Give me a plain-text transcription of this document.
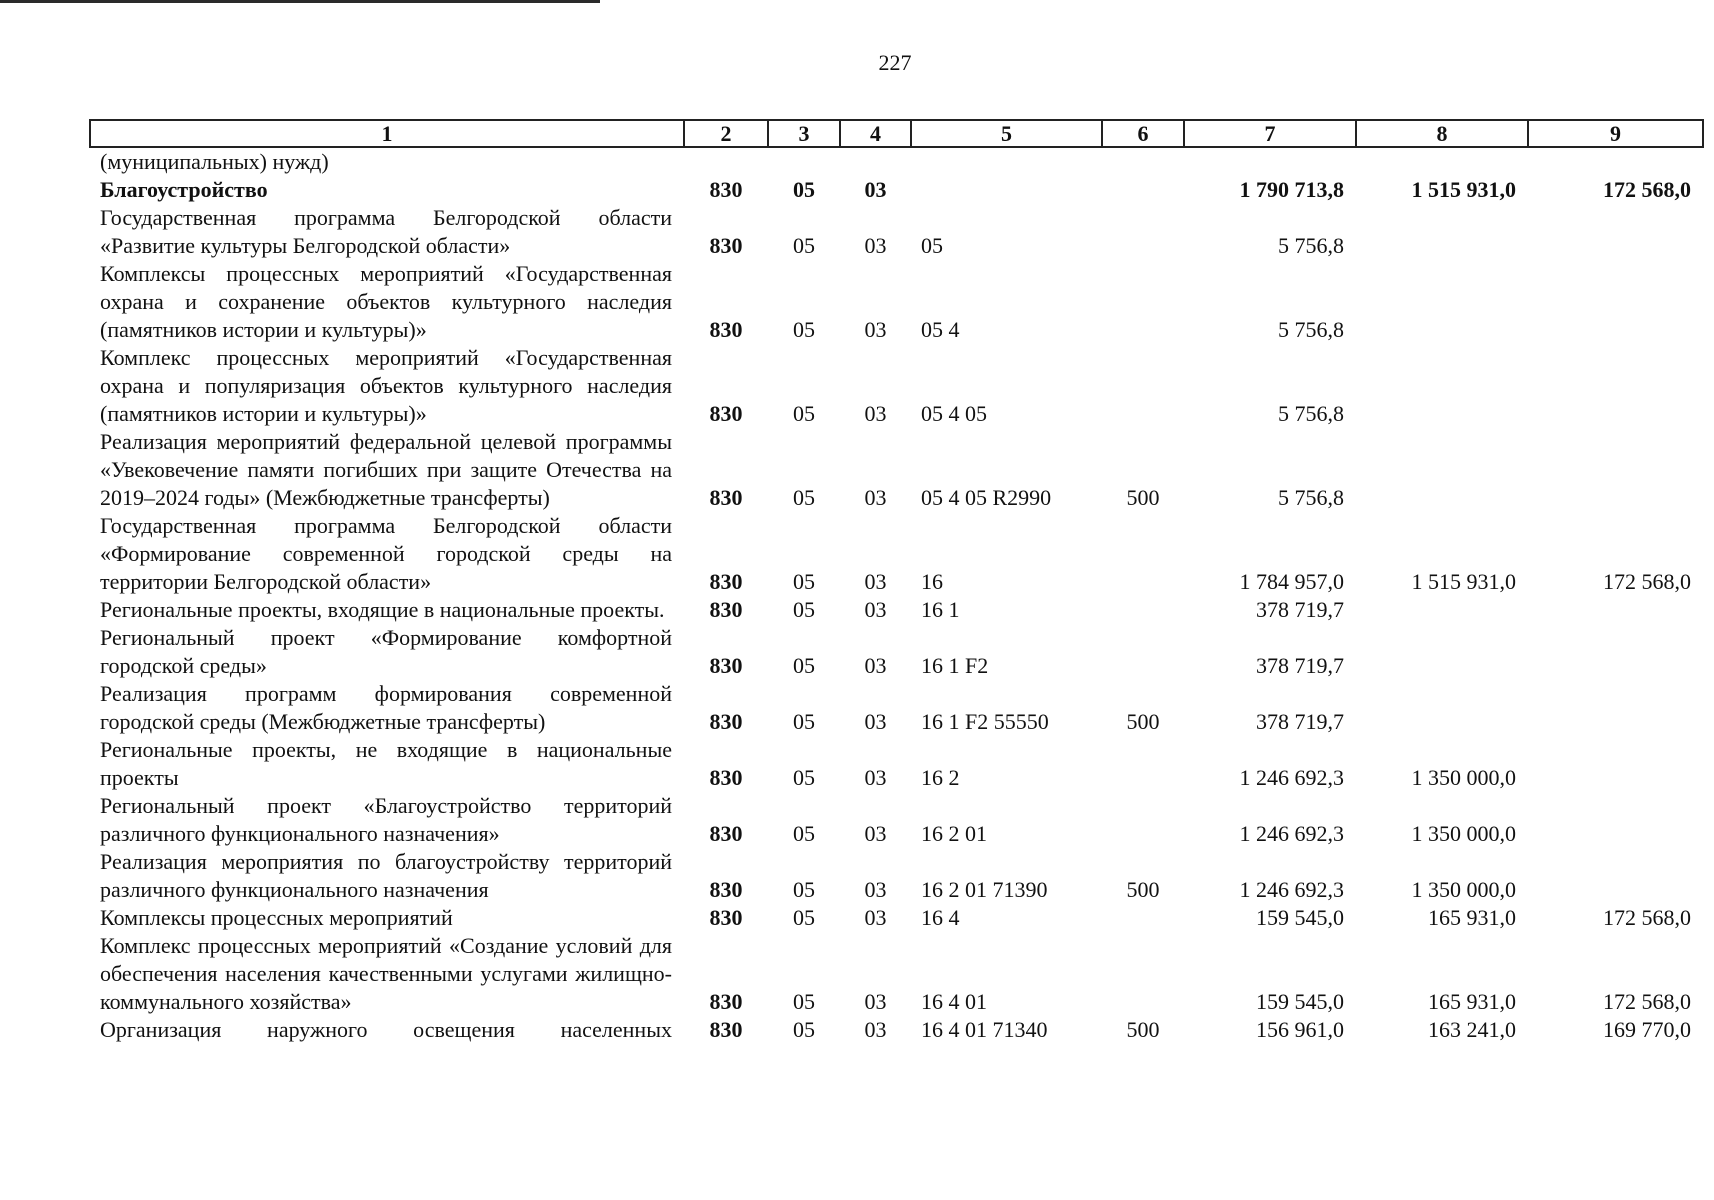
227
1	2	3	4	5	6	7	8	9
(муниципальных) нужд)								
Благоустройство	830	05	03			1 790 713,8	1 515 931,0	172 568,0
Государственная программа Белгородской области «Развитие культуры Белгородской области»	830	05	03	05		5 756,8		
Комплексы процессных мероприятий «Государственная охрана и сохранение объектов культурного наследия (памятников истории и культуры)»	830	05	03	05 4		5 756,8		
Комплекс процессных мероприятий «Государственная охрана и популяризация объектов культурного наследия (памятников истории и культуры)»	830	05	03	05 4 05		5 756,8		
Реализация мероприятий федеральной целевой программы «Увековечение памяти погибших при защите Отечества на 2019–2024 годы» (Межбюджетные трансферты)	830	05	03	05 4 05 R2990	500	5 756,8		
Государственная программа Белгородской области «Формирование современной городской среды на территории Белгородской области»	830	05	03	16		1 784 957,0	1 515 931,0	172 568,0
Региональные проекты, входящие в национальные проекты.	830	05	03	16 1		378 719,7		
Региональный проект «Формирование комфортной городской среды»	830	05	03	16 1 F2		378 719,7		
Реализация программ формирования современной городской среды (Межбюджетные трансферты)	830	05	03	16 1 F2 55550	500	378 719,7		
Региональные проекты, не входящие в национальные проекты	830	05	03	16 2		1 246 692,3	1 350 000,0	
Региональный проект «Благоустройство территорий различного функционального назначения»	830	05	03	16 2 01		1 246 692,3	1 350 000,0	
Реализация мероприятия по благоустройству территорий различного функционального назначения	830	05	03	16 2 01 71390	500	1 246 692,3	1 350 000,0	
Комплексы процессных мероприятий	830	05	03	16 4		159 545,0	165 931,0	172 568,0
Комплекс процессных мероприятий «Создание условий для обеспечения населения качественными услугами жилищно-коммунального хозяйства»	830	05	03	16 4 01		159 545,0	165 931,0	172 568,0
Организация наружного освещения населенных	830	05	03	16 4 01 71340	500	156 961,0	163 241,0	169 770,0
